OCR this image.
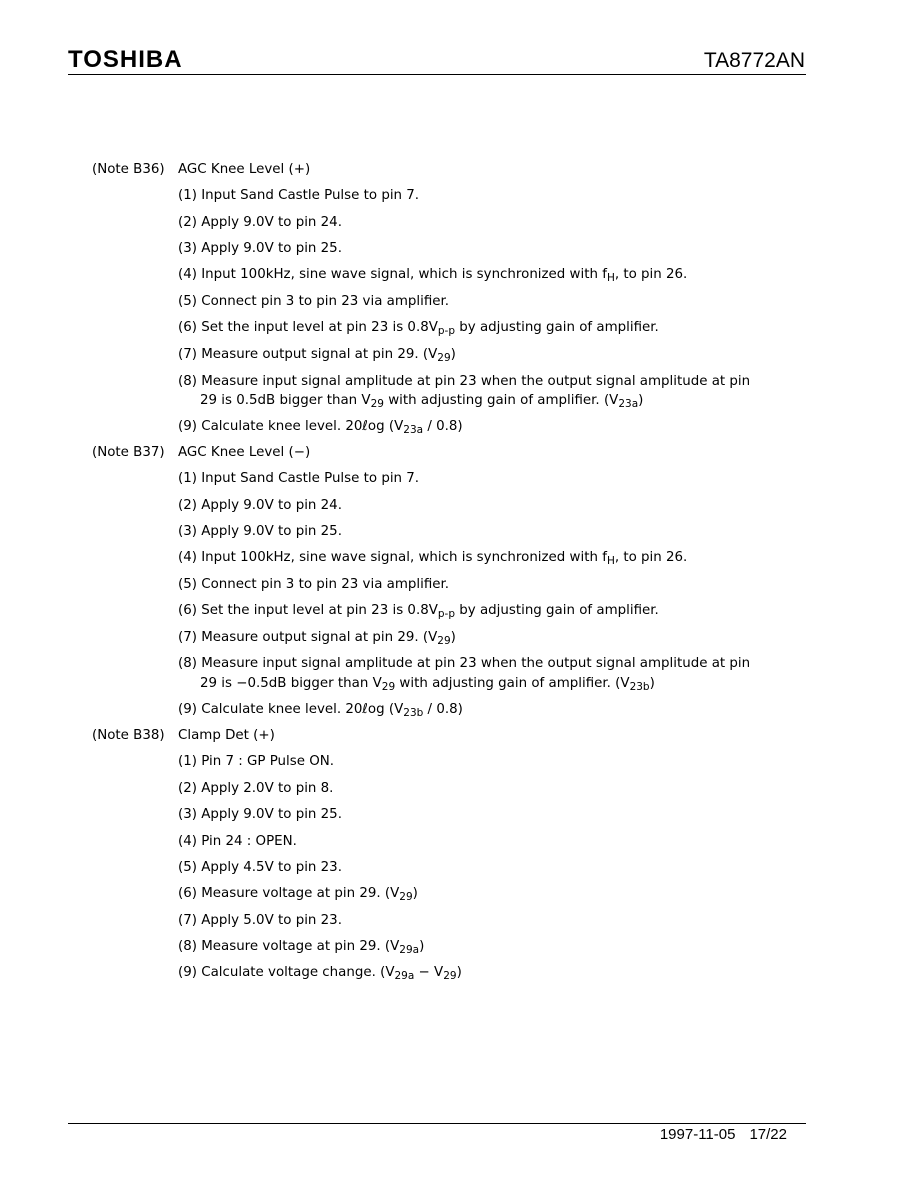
TOSHIBA	TA8772AN
(Note B36) AGC Knee Level (+)
(1) Input Sand Castle Pulse to pin 7.
(2) Apply 9.0V to pin 24.
(3) Apply 9.0V to pin 25.
(4) Input 100kHz, sine wave signal, which is synchronized with $f_H$, to pin 26.
(5) Connect pin 3 to pin 23 via amplifier.
(6) Set the input level at pin 23 is $0.8V_{p-p}$ by adjusting gain of amplifier.
(7) Measure output signal at pin 29. $(V_{29})$
(8) Measure input signal amplitude at pin 23 when the output signal amplitude at pin
29 is 0.5dB bigger than $V_{29}$ with adjusting gain of amplifier. $(V_{23a})$
(9) Calculate knee level. 20ℓog $(V_{23a} / 0.8)$
(Note B37) AGC Knee Level (−)
(1) Input Sand Castle Pulse to pin 7.
(2) Apply 9.0V to pin 24.
(3) Apply 9.0V to pin 25.
(4) Input 100kHz, sine wave signal, which is synchronized with $f_H$, to pin 26.
(5) Connect pin 3 to pin 23 via amplifier.
(6) Set the input level at pin 23 is $0.8V_{p-p}$ by adjusting gain of amplifier.
(7) Measure output signal at pin 29. $(V_{29})$
(8) Measure input signal amplitude at pin 23 when the output signal amplitude at pin
29 is −0.5dB bigger than $V_{29}$ with adjusting gain of amplifier. $(V_{23b})$
(9) Calculate knee level. 20ℓog $(V_{23b} / 0.8)$
(Note B38) Clamp Det (+)
(1) Pin 7 : GP Pulse ON.
(2) Apply 2.0V to pin 8.
(3) Apply 9.0V to pin 25.
(4) Pin 24 : OPEN.
(5) Apply 4.5V to pin 23.
(6) Measure voltage at pin 29. $(V_{29})$
(7) Apply 5.0V to pin 23.
(8) Measure voltage at pin 29. $(V_{29a})$
(9) Calculate voltage change. $(V_{29a} - V_{29})$
1997-11-05 17/22
